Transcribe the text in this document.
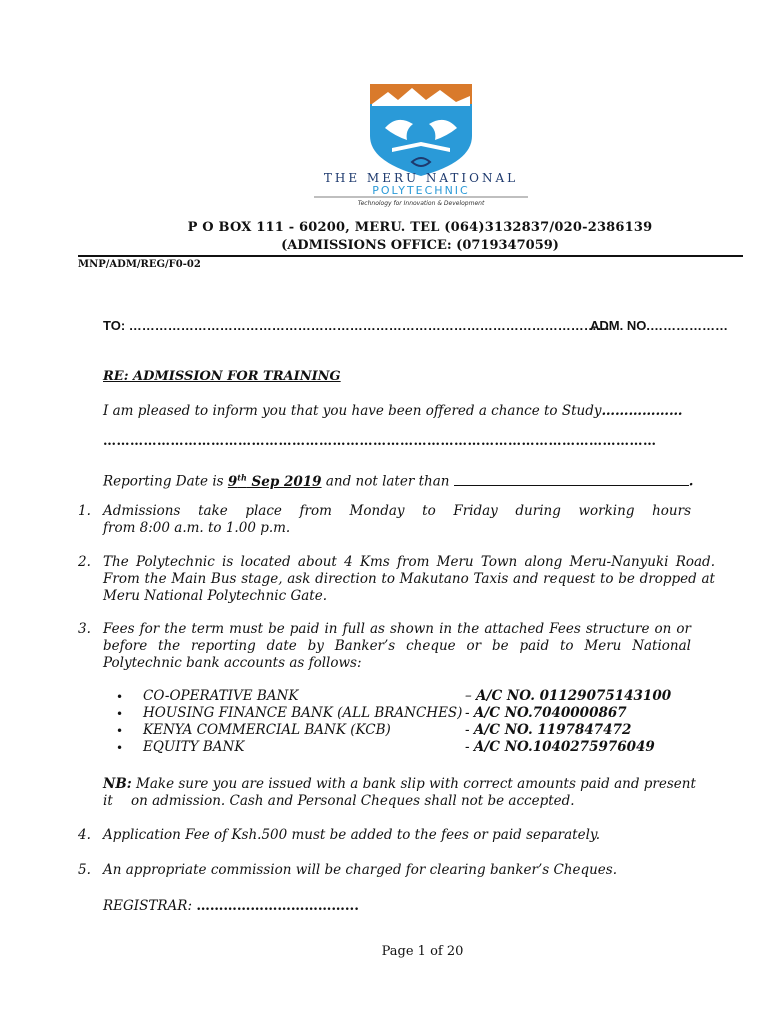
THE MERU NATIONAL
POLYTECHNIC
Technology for Innovation & Development
P O BOX 111 - 60200, MERU. TEL (064)3132837/020-2386139
(ADMISSIONS OFFICE: (0719347059)
MNP/ADM/REG/F0-02
TO: …………………………………………………………………………………………………
ADM. NO.………………
RE: ADMISSION FOR TRAINING
I am pleased to inform you that you have been offered a chance to Study………………
……………………………………………………………………………………………………………
Reporting Date is 9th Sep 2019 and not later than	.
1. Admissions take place from Monday to Friday during working hours
from 8:00 a.m. to 1.00 p.m.
2. The Polytechnic is located about 4 Kms from Meru Town along Meru-Nanyuki Road. From the Main Bus stage, ask direction to Makutano Taxis and request to be dropped at Meru National Polytechnic Gate.
3. Fees for the term must be paid in full as shown in the attached Fees structure on or before the reporting date by Banker’s cheque or be paid to Meru National Polytechnic bank accounts as follows:
• CO-OPERATIVE BANK	– A/C NO. 01129075143100
• HOUSING FINANCE BANK (ALL BRANCHES) - A/C NO.7040000867
• KENYA COMMERCIAL BANK (KCB)	- A/C NO. 1197847472
• EQUITY BANK	- A/C NO.1040275976049
NB: Make sure you are issued with a bank slip with correct amounts paid and present it	on admission. Cash and Personal Cheques shall not be accepted.
4. Application Fee of Ksh.500 must be added to the fees or paid separately.
5. An appropriate commission will be charged for clearing banker’s Cheques.
REGISTRAR: ……………………………...
Page 1 of 20
